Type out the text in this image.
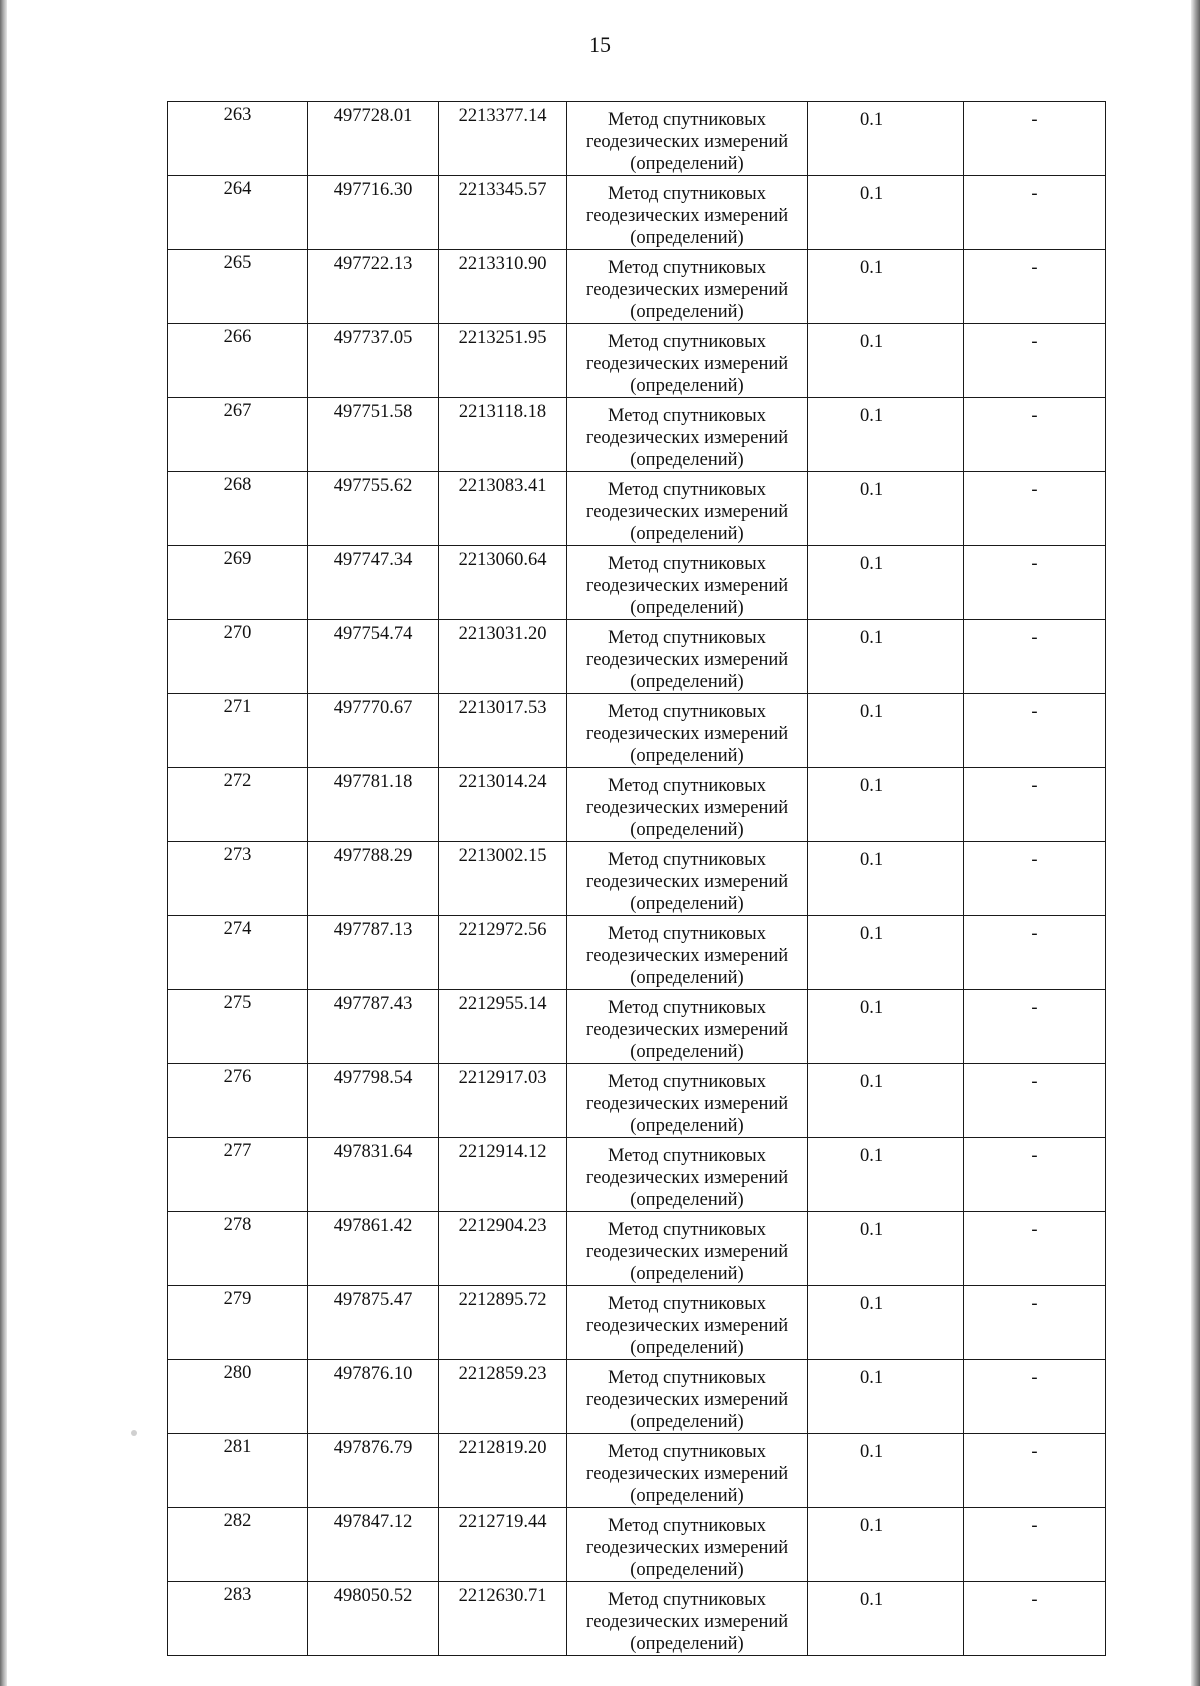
15
263	497728.01	2213377.14	Метод спутниковых
геодезических измерений
(определений)	0.1	-
264	497716.30	2213345.57	Метод спутниковых
геодезических измерений
(определений)	0.1	-
265	497722.13	2213310.90	Метод спутниковых
геодезических измерений
(определений)	0.1	-
266	497737.05	2213251.95	Метод спутниковых
геодезических измерений
(определений)	0.1	-
267	497751.58	2213118.18	Метод спутниковых
геодезических измерений
(определений)	0.1	-
268	497755.62	2213083.41	Метод спутниковых
геодезических измерений
(определений)	0.1	-
269	497747.34	2213060.64	Метод спутниковых
геодезических измерений
(определений)	0.1	-
270	497754.74	2213031.20	Метод спутниковых
геодезических измерений
(определений)	0.1	-
271	497770.67	2213017.53	Метод спутниковых
геодезических измерений
(определений)	0.1	-
272	497781.18	2213014.24	Метод спутниковых
геодезических измерений
(определений)	0.1	-
273	497788.29	2213002.15	Метод спутниковых
геодезических измерений
(определений)	0.1	-
274	497787.13	2212972.56	Метод спутниковых
геодезических измерений
(определений)	0.1	-
275	497787.43	2212955.14	Метод спутниковых
геодезических измерений
(определений)	0.1	-
276	497798.54	2212917.03	Метод спутниковых
геодезических измерений
(определений)	0.1	-
277	497831.64	2212914.12	Метод спутниковых
геодезических измерений
(определений)	0.1	-
278	497861.42	2212904.23	Метод спутниковых
геодезических измерений
(определений)	0.1	-
279	497875.47	2212895.72	Метод спутниковых
геодезических измерений
(определений)	0.1	-
280	497876.10	2212859.23	Метод спутниковых
геодезических измерений
(определений)	0.1	-
281	497876.79	2212819.20	Метод спутниковых
геодезических измерений
(определений)	0.1	-
282	497847.12	2212719.44	Метод спутниковых
геодезических измерений
(определений)	0.1	-
283	498050.52	2212630.71	Метод спутниковых
геодезических измерений
(определений)	0.1	-
